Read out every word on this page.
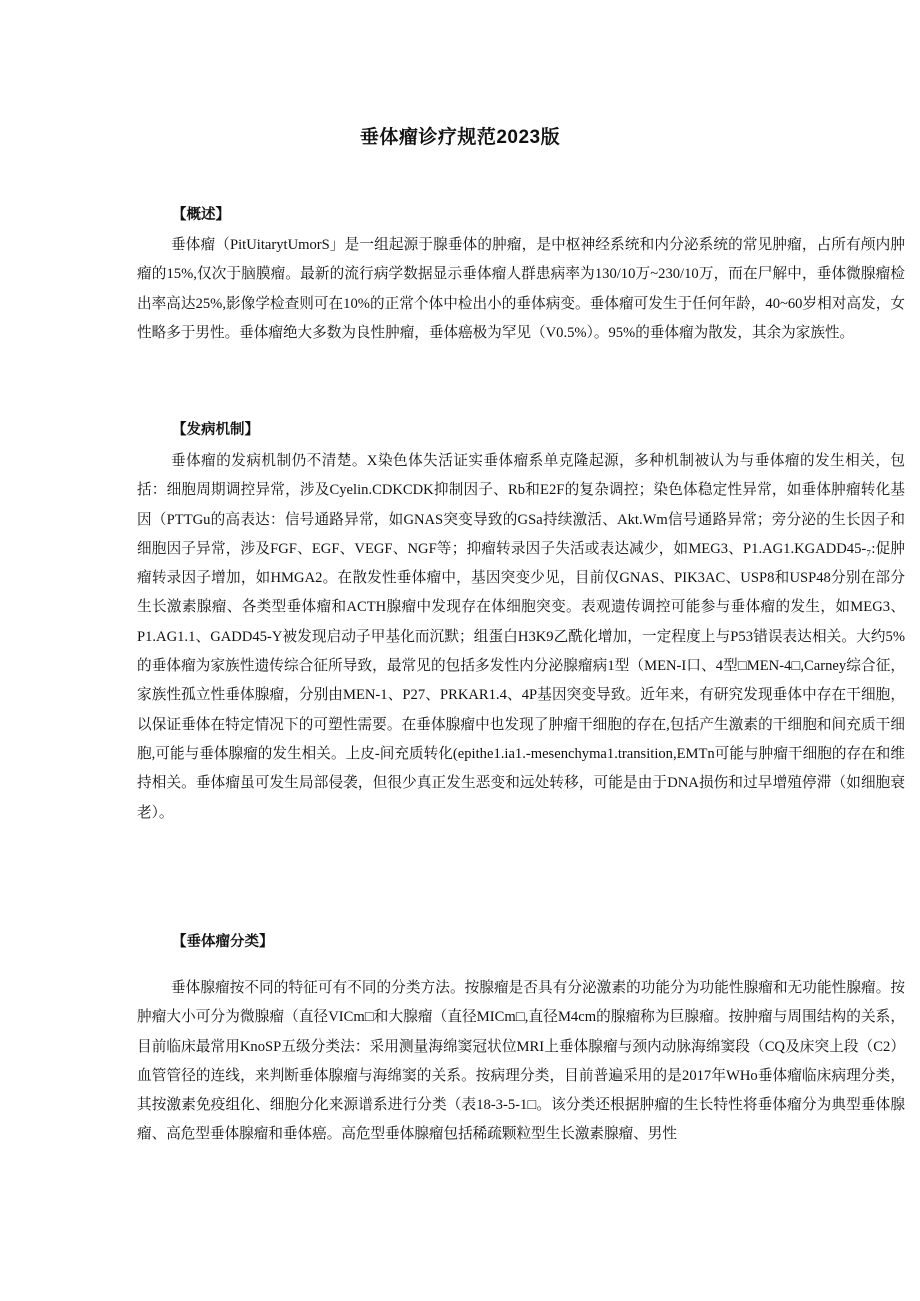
垂体瘤诊疗规范2023版
【概述】

垂体瘤（PitUitarytUmorS」是一组起源于腺垂体的肿瘤，是中枢神经系统和内分泌系统的常见肿瘤，占所有颅内肿瘤的15%,仅次于脑膜瘤。最新的流行病学数据显示垂体瘤人群患病率为130/10万~230/10万，而在尸解中，垂体微腺瘤检出率高达25%,影像学检查则可在10%的正常个体中检出小的垂体病变。垂体瘤可发生于任何年龄，40~60岁相对高发，女性略多于男性。垂体瘤绝大多数为良性肿瘤，垂体癌极为罕见（V0.5%）。95%的垂体瘤为散发，其余为家族性。

【发病机制】

垂体瘤的发病机制仍不清楚。X染色体失活证实垂体瘤系单克隆起源，多种机制被认为与垂体瘤的发生相关，包括：细胞周期调控异常，涉及Cyelin.CDKCDK抑制因子、Rb和E2F的复杂调控；染色体稳定性异常，如垂体肿瘤转化基因（PTTGu的高表达：信号通路异常，如GNAS突变导致的GSa持续激活、Akt.Wm信号通路异常；旁分泌的生长因子和细胞因子异常，涉及FGF、EGF、VEGF、NGF等；抑瘤转录因子失活或表达减少，如MEG3、P1.AG1.KGADD45-₇:促肿瘤转录因子增加，如HMGA2。在散发性垂体瘤中，基因突变少见，目前仅GNAS、PIK3AC、USP8和USP48分别在部分生长激素腺瘤、各类型垂体瘤和ACTH腺瘤中发现存在体细胞突变。表观遗传调控可能参与垂体瘤的发生，如MEG3、P1.AG1.1、GADD45-Y被发现启动子甲基化而沉默；组蛋白H3K9乙酰化增加，一定程度上与P53错误表达相关。大约5%的垂体瘤为家族性遗传综合征所导致，最常见的包括多发性内分泌腺瘤病1型（MEN-I口、4型□MEN-4□,Carney综合征，家族性孤立性垂体腺瘤，分别由MEN-1、P27、PRKAR1.4、4P基因突变导致。近年来，有研究发现垂体中存在干细胞，以保证垂体在特定情况下的可塑性需要。在垂体腺瘤中也发现了肿瘤干细胞的存在,包括产生激素的干细胞和间充质干细胞,可能与垂体腺瘤的发生相关。上皮-间充质转化(epithe1.ia1.-mesenchyma1.transition,EMTn可能与肿瘤干细胞的存在和维持相关。垂体瘤虽可发生局部侵袭，但很少真正发生恶变和远处转移，可能是由于DNA损伤和过早增殖停滞（如细胞衰老）。

【垂体瘤分类】

垂体腺瘤按不同的特征可有不同的分类方法。按腺瘤是否具有分泌激素的功能分为功能性腺瘤和无功能性腺瘤。按肿瘤大小可分为微腺瘤（直径VICm□和大腺瘤（直径MICm□,直径M4cm的腺瘤称为巨腺瘤。按肿瘤与周围结构的关系，目前临床最常用KnoSP五级分类法：采用测量海绵窦冠状位MRI上垂体腺瘤与颈内动脉海绵窦段（CQ及床突上段（C2）血管管径的连线，来判断垂体腺瘤与海绵窦的关系。按病理分类，目前普遍采用的是2017年WHo垂体瘤临床病理分类，其按激素免疫组化、细胞分化来源谱系进行分类（表18-3-5-1□。该分类还根据肿瘤的生长特性将垂体瘤分为典型垂体腺瘤、高危型垂体腺瘤和垂体癌。高危型垂体腺瘤包括稀疏颗粒型生长激素腺瘤、男性
